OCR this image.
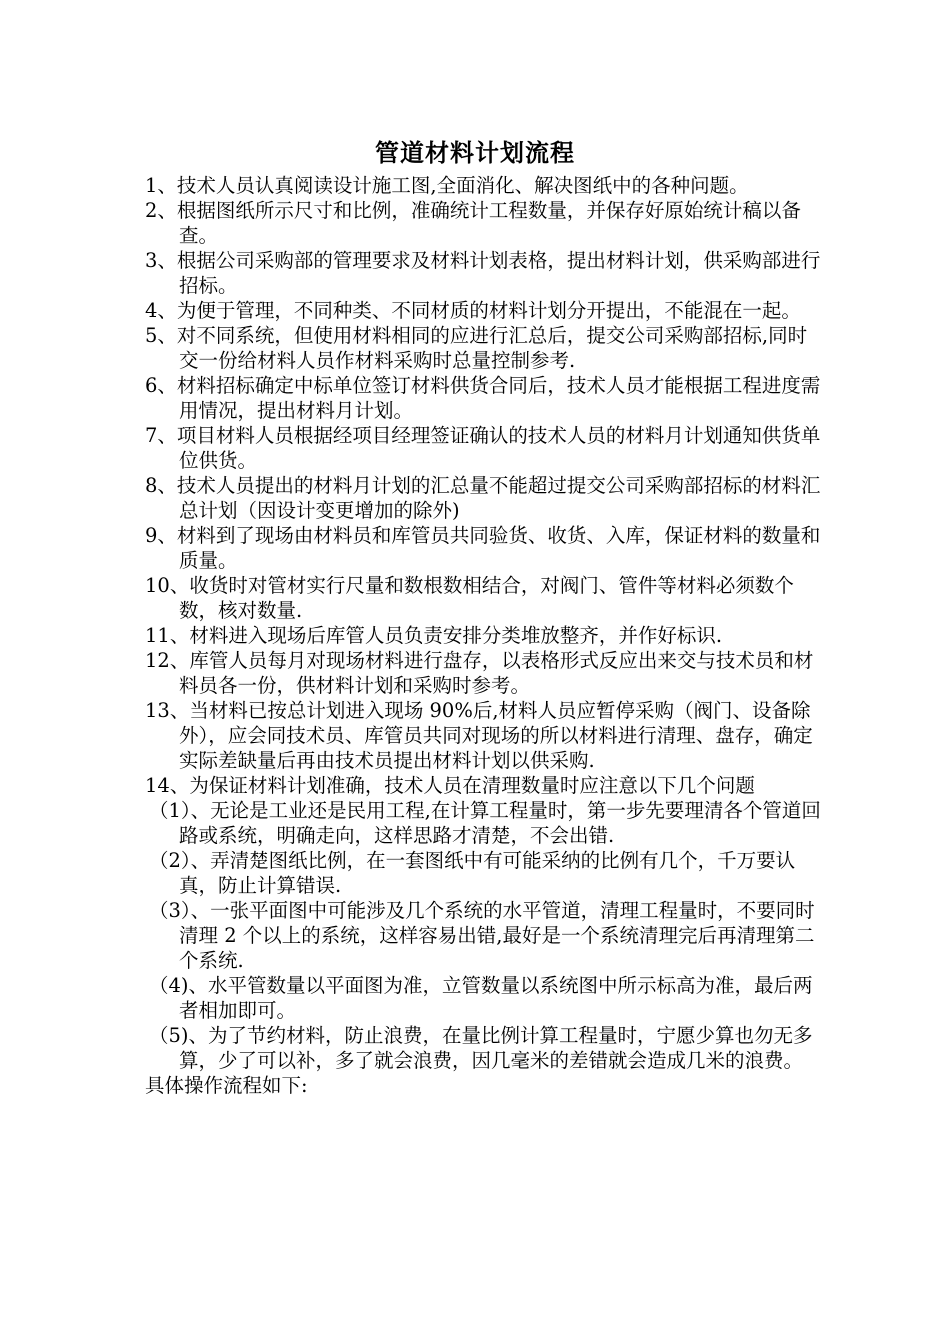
管道材料计划流程

1、技术人员认真阅读设计施工图,全面消化、解决图纸中的各种问题。

2、根据图纸所示尺寸和比例，准确统计工程数量，并保存好原始统计稿以备查。

3、根据公司采购部的管理要求及材料计划表格，提出材料计划，供采购部进行招标。

4、为便于管理，不同种类、不同材质的材料计划分开提出，不能混在一起。

5、对不同系统，但使用材料相同的应进行汇总后，提交公司采购部招标,同时交一份给材料人员作材料采购时总量控制参考.

6、材料招标确定中标单位签订材料供货合同后，技术人员才能根据工程进度需用情况，提出材料月计划。

7、项目材料人员根据经项目经理签证确认的技术人员的材料月计划通知供货单位供货。

8、技术人员提出的材料月计划的汇总量不能超过提交公司采购部招标的材料汇总计划（因设计变更增加的除外)

9、材料到了现场由材料员和库管员共同验货、收货、入库，保证材料的数量和质量。

10、收货时对管材实行尺量和数根数相结合，对阀门、管件等材料必须数个数，核对数量.

11、材料进入现场后库管人员负责安排分类堆放整齐，并作好标识.

12、库管人员每月对现场材料进行盘存，以表格形式反应出来交与技术员和材料员各一份，供材料计划和采购时参考。

13、当材料已按总计划进入现场 90%后,材料人员应暂停采购（阀门、设备除外），应会同技术员、库管员共同对现场的所以材料进行清理、盘存，确定实际差缺量后再由技术员提出材料计划以供采购.

14、为保证材料计划准确，技术人员在清理数量时应注意以下几个问题

（1）、无论是工业还是民用工程,在计算工程量时，第一步先要理清各个管道回路或系统，明确走向，这样思路才清楚，不会出错.

（2）、弄清楚图纸比例，在一套图纸中有可能采纳的比例有几个，千万要认真，防止计算错误.

（3）、一张平面图中可能涉及几个系统的水平管道，清理工程量时，不要同时清理 2 个以上的系统，这样容易出错,最好是一个系统清理完后再清理第二个系统.

（4)、水平管数量以平面图为准，立管数量以系统图中所示标高为准，最后两者相加即可。

（5)、为了节约材料，防止浪费，在量比例计算工程量时，宁愿少算也勿无多算，少了可以补，多了就会浪费，因几毫米的差错就会造成几米的浪费。

具体操作流程如下:
